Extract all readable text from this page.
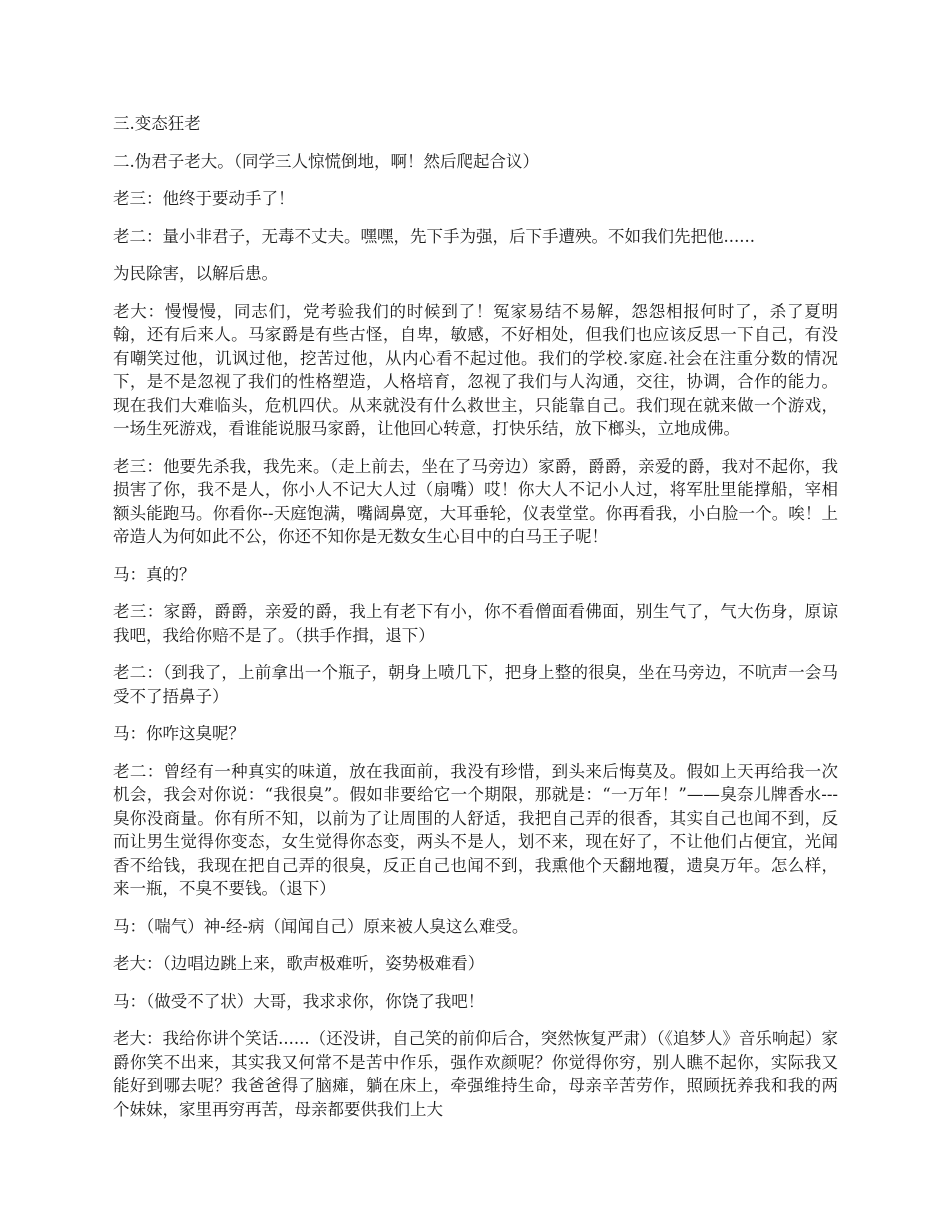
三.变态狂老

二.伪君子老大。（同学三人惊慌倒地，啊！然后爬起合议）

老三：他终于要动手了！

老二：量小非君子，无毒不丈夫。嘿嘿，先下手为强，后下手遭殃。不如我们先把他......

为民除害，以解后患。

老大：慢慢慢，同志们，党考验我们的时候到了！冤家易结不易解，怨怨相报何时了，杀了夏明翰，还有后来人。马家爵是有些古怪，自卑，敏感，不好相处，但我们也应该反思一下自己，有没有嘲笑过他，讥讽过他，挖苦过他，从内心看不起过他。我们的学校.家庭.社会在注重分数的情况下，是不是忽视了我们的性格塑造，人格培育，忽视了我们与人沟通，交往，协调，合作的能力。现在我们大难临头，危机四伏。从来就没有什么救世主，只能靠自己。我们现在就来做一个游戏，一场生死游戏，看谁能说服马家爵，让他回心转意，打快乐结，放下榔头，立地成佛。

老三：他要先杀我，我先来。（走上前去，坐在了马旁边）家爵，爵爵，亲爱的爵，我对不起你，我损害了你，我不是人，你小人不记大人过（扇嘴）哎！你大人不记小人过，将军肚里能撑船，宰相额头能跑马。你看你--天庭饱满，嘴阔鼻宽，大耳垂轮，仪表堂堂。你再看我，小白脸一个。唉！上帝造人为何如此不公，你还不知你是无数女生心目中的白马王子呢！

马：真的？

老三：家爵，爵爵，亲爱的爵，我上有老下有小，你不看僧面看佛面，别生气了，气大伤身，原谅我吧，我给你赔不是了。（拱手作揖，退下）

老二：（到我了，上前拿出一个瓶子，朝身上喷几下，把身上整的很臭，坐在马旁边，不吭声一会马受不了捂鼻子）

马：你咋这臭呢？

老二：曾经有一种真实的味道，放在我面前，我没有珍惜，到头来后悔莫及。假如上天再给我一次机会，我会对你说：“我很臭”。假如非要给它一个期限，那就是：“一万年！”——臭奈儿牌香水---臭你没商量。你有所不知，以前为了让周围的人舒适，我把自己弄的很香，其实自己也闻不到，反而让男生觉得你变态，女生觉得你态变，两头不是人，划不来，现在好了，不让他们占便宜，光闻香不给钱，我现在把自己弄的很臭，反正自己也闻不到，我熏他个天翻地覆，遗臭万年。怎么样，来一瓶，不臭不要钱。（退下）

马：（喘气）神-经-病（闻闻自己）原来被人臭这么难受。

老大：（边唱边跳上来，歌声极难听，姿势极难看）

马：（做受不了状）大哥，我求求你，你饶了我吧！

老大：我给你讲个笑话......（还没讲，自己笑的前仰后合，突然恢复严肃）（《追梦人》音乐响起）家爵你笑不出来，其实我又何常不是苦中作乐，强作欢颜呢？你觉得你穷，别人瞧不起你，实际我又能好到哪去呢？我爸爸得了脑瘫，躺在床上，牵强维持生命，母亲辛苦劳作，照顾抚养我和我的两个妹妹，家里再穷再苦，母亲都要供我们上大
